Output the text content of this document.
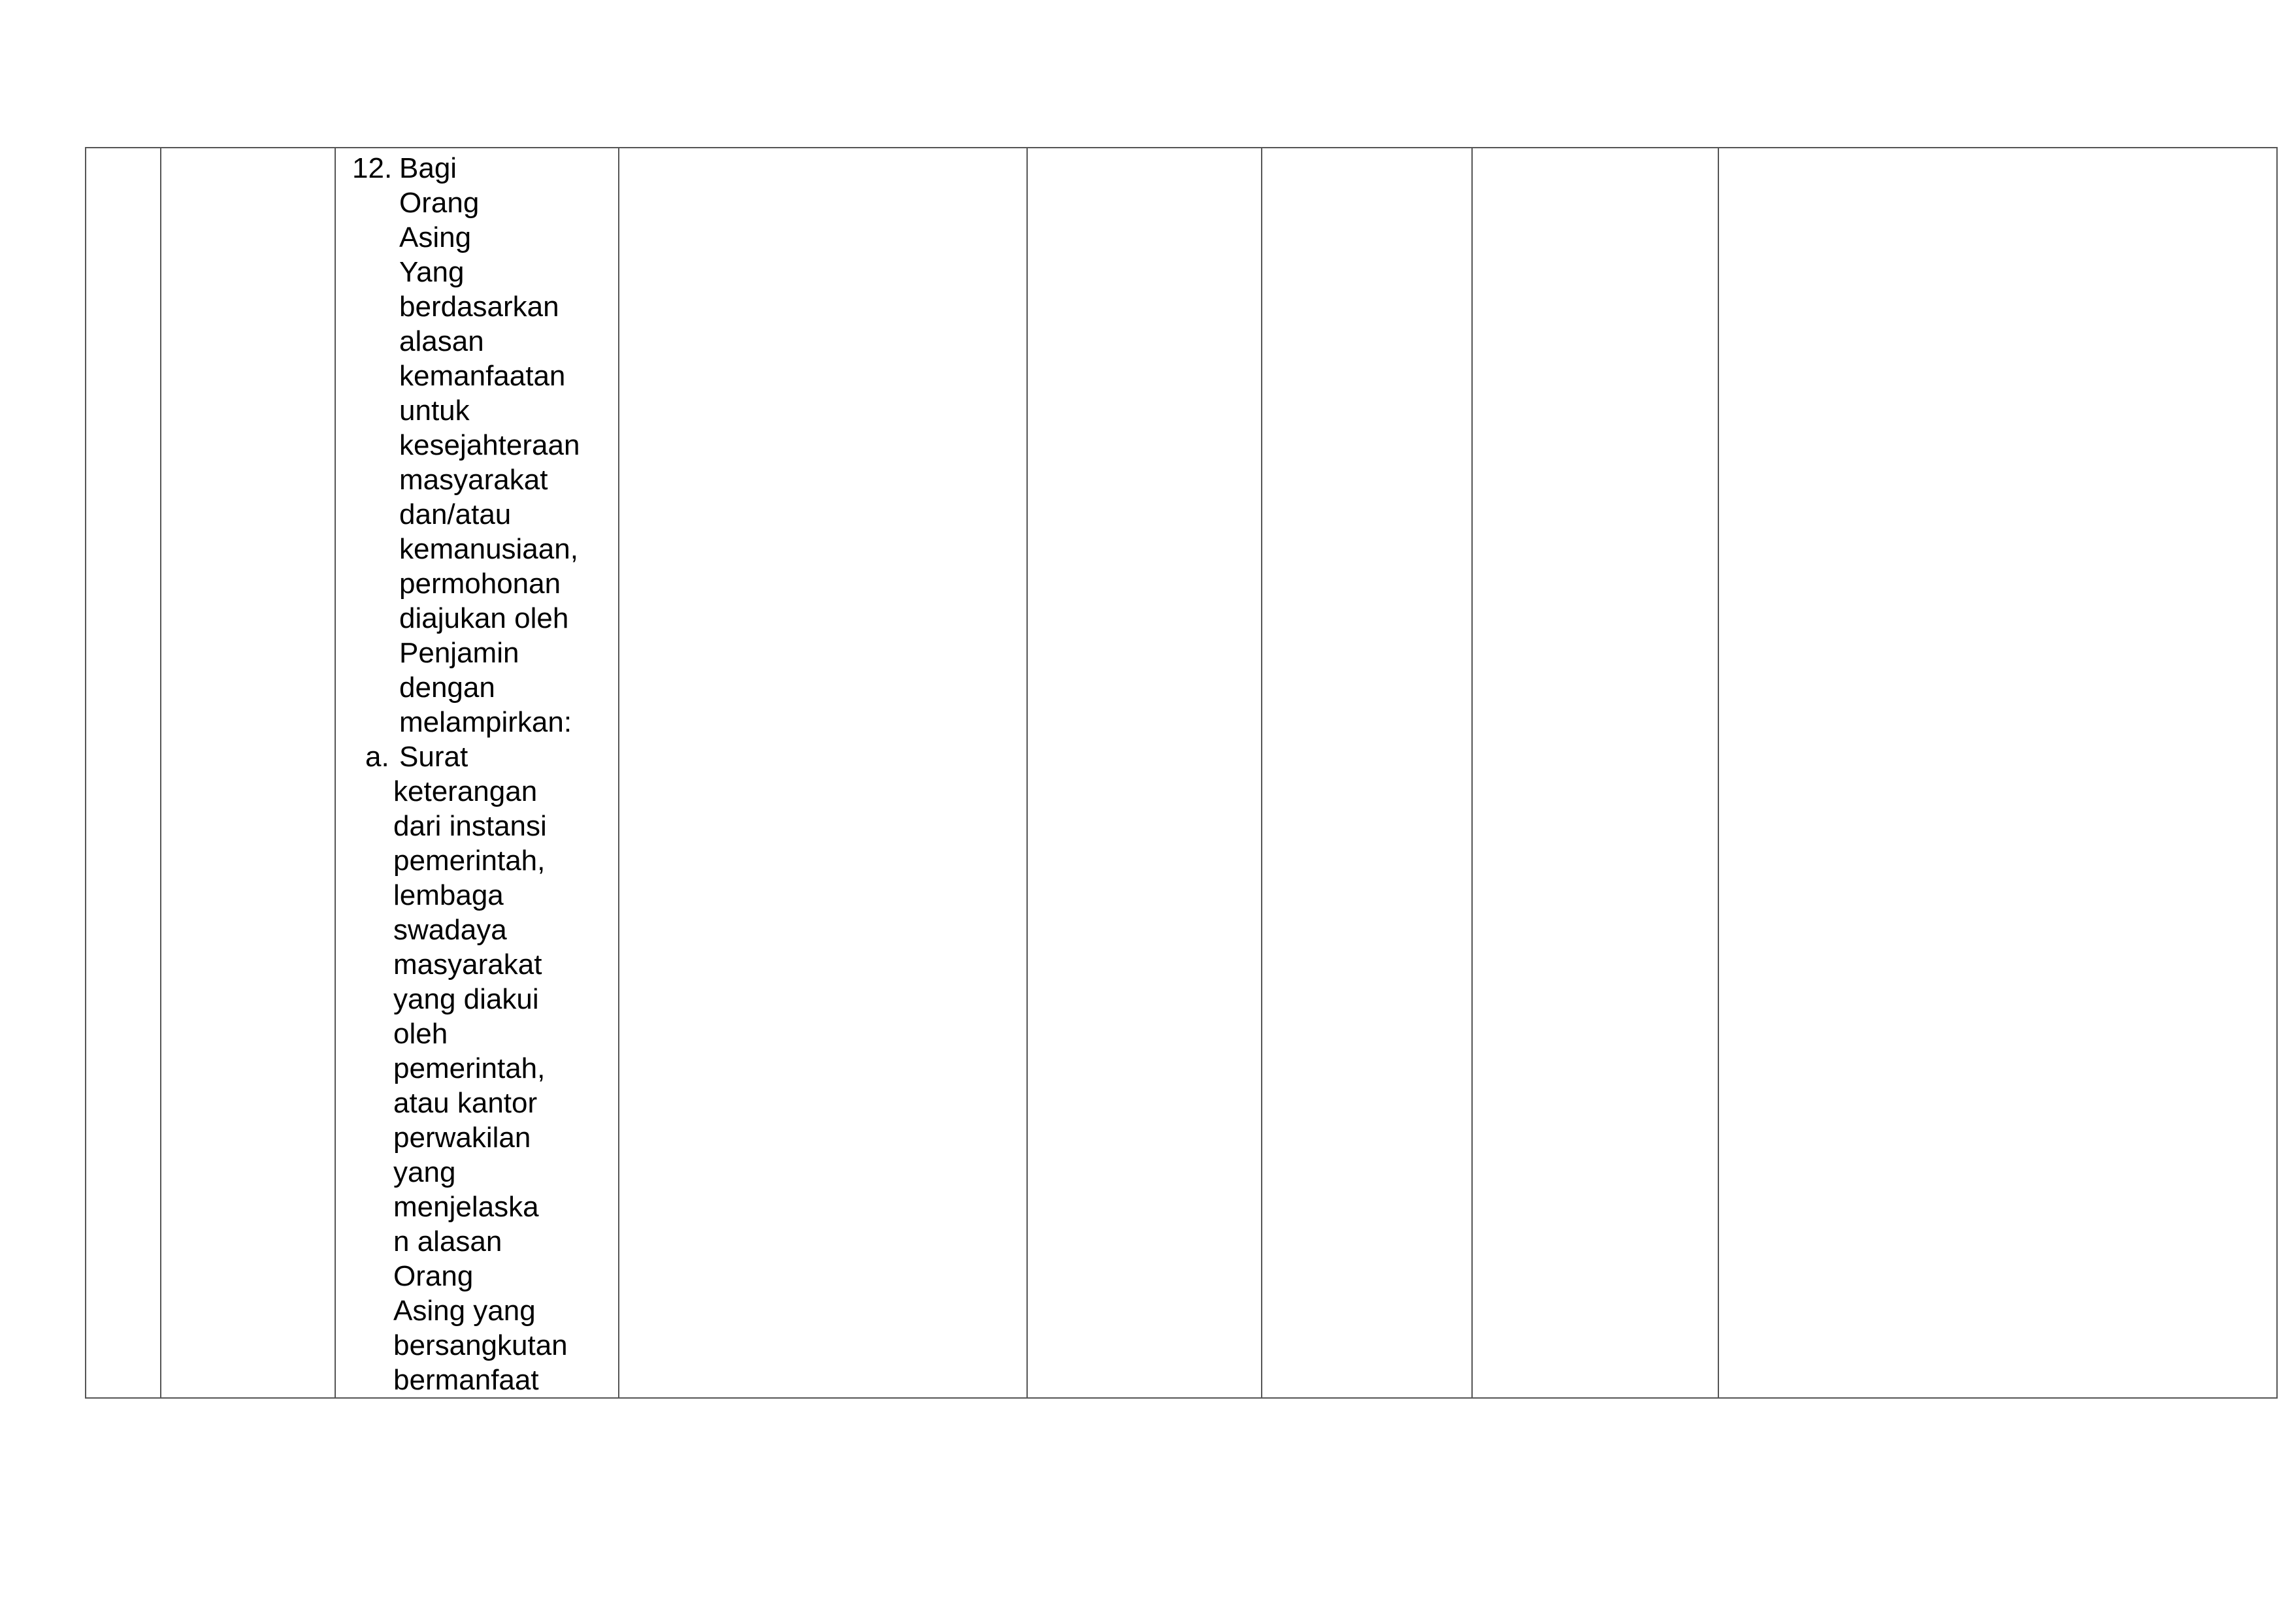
12. Bagi
Orang
Asing
Yang
berdasarkan
alasan
kemanfaatan
untuk
kesejahteraan
masyarakat
dan/atau
kemanusiaan,
permohonan
diajukan oleh
Penjamin
dengan
melampirkan:
a. Surat
keterangan
dari instansi
pemerintah,
lembaga
swadaya
masyarakat
yang diakui
oleh
pemerintah,
atau kantor
perwakilan
yang
menjelaska
n alasan
Orang
Asing yang
bersangkutan
bermanfaat
